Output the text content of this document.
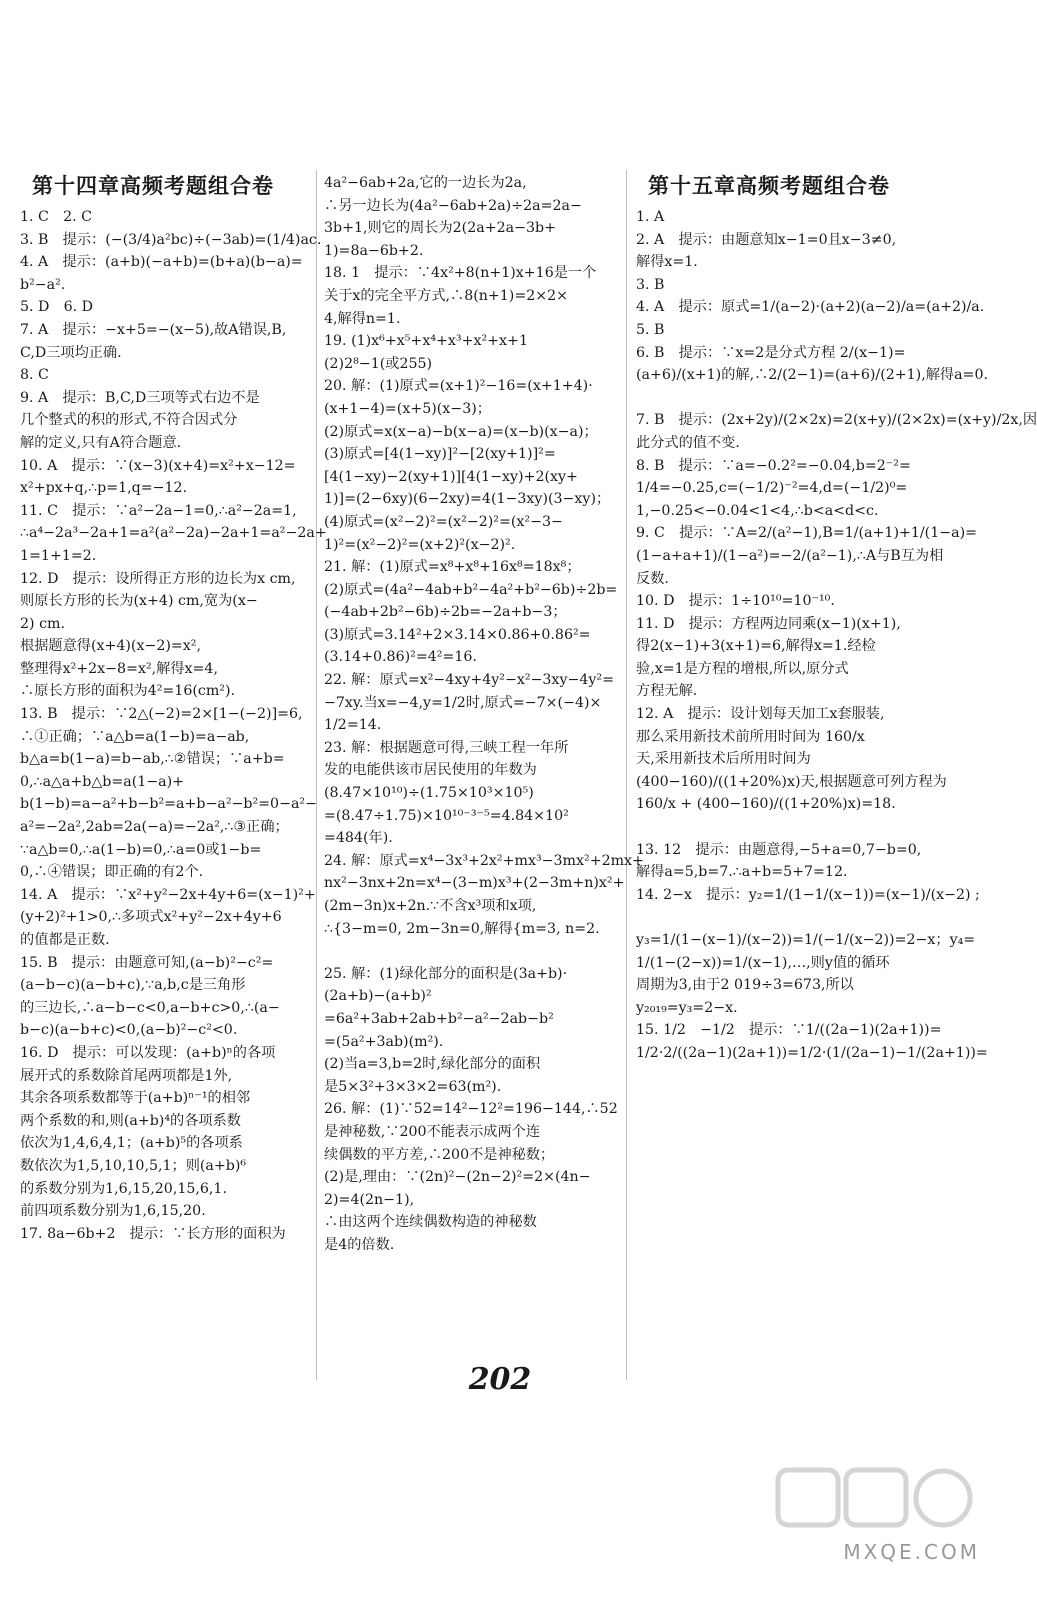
第十四章高频考题组合卷
1. C　2. C
3. B　提示：(−(3/4)a²bc)÷(−3ab)=(1/4)ac.
4. A　提示：(a+b)(−a+b)=(b+a)(b−a)=
b²−a².
5. D　6. D
7. A　提示：−x+5=−(x−5),故A错误,B,
C,D三项均正确.
8. C
9. A　提示：B,C,D三项等式右边不是
几个整式的积的形式,不符合因式分
解的定义,只有A符合题意.
10. A　提示：∵(x−3)(x+4)=x²+x−12=
x²+px+q,∴p=1,q=−12.
11. C　提示：∵a²−2a−1=0,∴a²−2a=1,
∴a⁴−2a³−2a+1=a²(a²−2a)−2a+1=a²−2a+
1=1+1=2.
12. D　提示：设所得正方形的边长为x cm,
则原长方形的长为(x+4) cm,宽为(x−
2) cm.
根据题意得(x+4)(x−2)=x²,
整理得x²+2x−8=x²,解得x=4,
∴原长方形的面积为4²=16(cm²).
13. B　提示：∵2△(−2)=2×[1−(−2)]=6,
∴①正确；∵a△b=a(1−b)=a−ab,
b△a=b(1−a)=b−ab,∴②错误；∵a+b=
0,∴a△a+b△b=a(1−a)+
b(1−b)=a−a²+b−b²=a+b−a²−b²=0−a²−
a²=−2a²,2ab=2a(−a)=−2a²,∴③正确；
∵a△b=0,∴a(1−b)=0,∴a=0或1−b=
0,∴④错误；即正确的有2个.
14. A　提示：∵x²+y²−2x+4y+6=(x−1)²+
(y+2)²+1>0,∴多项式x²+y²−2x+4y+6
的值都是正数.
15. B　提示：由题意可知,(a−b)²−c²=
(a−b−c)(a−b+c),∵a,b,c是三角形
的三边长,∴a−b−c<0,a−b+c>0,∴(a−
b−c)(a−b+c)<0,(a−b)²−c²<0.
16. D　提示：可以发现：(a+b)ⁿ的各项
展开式的系数除首尾两项都是1外,
其余各项系数都等于(a+b)ⁿ⁻¹的相邻
两个系数的和,则(a+b)⁴的各项系数
依次为1,4,6,4,1；(a+b)⁵的各项系
数依次为1,5,10,10,5,1；则(a+b)⁶
的系数分别为1,6,15,20,15,6,1.
前四项系数分别为1,6,15,20.
17. 8a−6b+2　提示：∵长方形的面积为
4a²−6ab+2a,它的一边长为2a,
∴另一边长为(4a²−6ab+2a)÷2a=2a−
3b+1,则它的周长为2(2a+2a−3b+
1)=8a−6b+2.
18. 1　提示：∵4x²+8(n+1)x+16是一个
关于x的完全平方式,∴8(n+1)=2×2×
4,解得n=1.
19. (1)x⁶+x⁵+x⁴+x³+x²+x+1
(2)2⁸−1(或255)
20. 解：(1)原式=(x+1)²−16=(x+1+4)·
(x+1−4)=(x+5)(x−3)；
(2)原式=x(x−a)−b(x−a)=(x−b)(x−a)；
(3)原式=[4(1−xy)]²−[2(xy+1)]²=
[4(1−xy)−2(xy+1)][4(1−xy)+2(xy+
1)]=(2−6xy)(6−2xy)=4(1−3xy)(3−xy)；
(4)原式=(x²−2)²=(x²−2)²=(x²−3−
1)²=(x²−2)²=(x+2)²(x−2)².
21. 解：(1)原式=x⁸+x⁸+16x⁸=18x⁸；
(2)原式=(4a²−4ab+b²−4a²+b²−6b)÷2b=
(−4ab+2b²−6b)÷2b=−2a+b−3；
(3)原式=3.14²+2×3.14×0.86+0.86²=
(3.14+0.86)²=4²=16.
22. 解：原式=x²−4xy+4y²−x²−3xy−4y²=
−7xy.当x=−4,y=1/2时,原式=−7×(−4)×
1/2=14.
23. 解：根据题意可得,三峡工程一年所
发的电能供该市居民使用的年数为
(8.47×10¹⁰)÷(1.75×10³×10⁵)
=(8.47÷1.75)×10¹⁰⁻³⁻⁵=4.84×10²
=484(年).
24. 解：原式=x⁴−3x³+2x²+mx³−3mx²+2mx+
nx²−3nx+2n=x⁴−(3−m)x³+(2−3m+n)x²+
(2m−3n)x+2n.∵不含x³项和x项,
∴{3−m=0, 2m−3n=0,解得{m=3, n=2.

25. 解：(1)绿化部分的面积是(3a+b)·
(2a+b)−(a+b)²
=6a²+3ab+2ab+b²−a²−2ab−b²
=(5a²+3ab)(m²).
(2)当a=3,b=2时,绿化部分的面积
是5×3²+3×3×2=63(m²).
26. 解：(1)∵52=14²−12²=196−144,∴52
是神秘数,∵200不能表示成两个连
续偶数的平方差,∴200不是神秘数；
(2)是,理由：∵(2n)²−(2n−2)²=2×(4n−
2)=4(2n−1),
∴由这两个连续偶数构造的神秘数
是4的倍数.
第十五章高频考题组合卷
1. A
2. A　提示：由题意知x−1=0且x−3≠0,
解得x=1.
3. B
4. A　提示：原式=1/(a−2)·(a+2)(a−2)/a=(a+2)/a.
5. B
6. B　提示：∵x=2是分式方程 2/(x−1)=
(a+6)/(x+1)的解,∴2/(2−1)=(a+6)/(2+1),解得a=0.

7. B　提示：(2x+2y)/(2×2x)=2(x+y)/(2×2x)=(x+y)/2x,因
此分式的值不变.
8. B　提示：∵a=−0.2²=−0.04,b=2⁻²=
1/4=−0.25,c=(−1/2)⁻²=4,d=(−1/2)⁰=
1,−0.25<−0.04<1<4,∴b<a<d<c.
9. C　提示：∵A=2/(a²−1),B=1/(a+1)+1/(1−a)=
(1−a+a+1)/(1−a²)=−2/(a²−1),∴A与B互为相
反数.
10. D　提示：1÷10¹⁰=10⁻¹⁰.
11. D　提示：方程两边同乘(x−1)(x+1),
得2(x−1)+3(x+1)=6,解得x=1.经检
验,x=1是方程的增根,所以,原分式
方程无解.
12. A　提示：设计划每天加工x套服装,
那么采用新技术前所用时间为 160/x
天,采用新技术后所用时间为
(400−160)/((1+20%)x)天,根据题意可列方程为
160/x + (400−160)/((1+20%)x)=18.

13. 12　提示：由题意得,−5+a=0,7−b=0,
解得a=5,b=7.∴a+b=5+7=12.
14. 2−x　提示：y₂=1/(1−1/(x−1))=(x−1)/(x−2) ;

y₃=1/(1−(x−1)/(x−2))=1/(−1/(x−2))=2−x；y₄=
1/(1−(2−x))=1/(x−1),…,则y值的循环
周期为3,由于2 019÷3=673,所以
y₂₀₁₉=y₃=2−x.
15. 1/2　−1/2　提示：∵1/((2a−1)(2a+1))=
1/2·2/((2a−1)(2a+1))=1/2·(1/(2a−1)−1/(2a+1))=
202
MXQE.COM
